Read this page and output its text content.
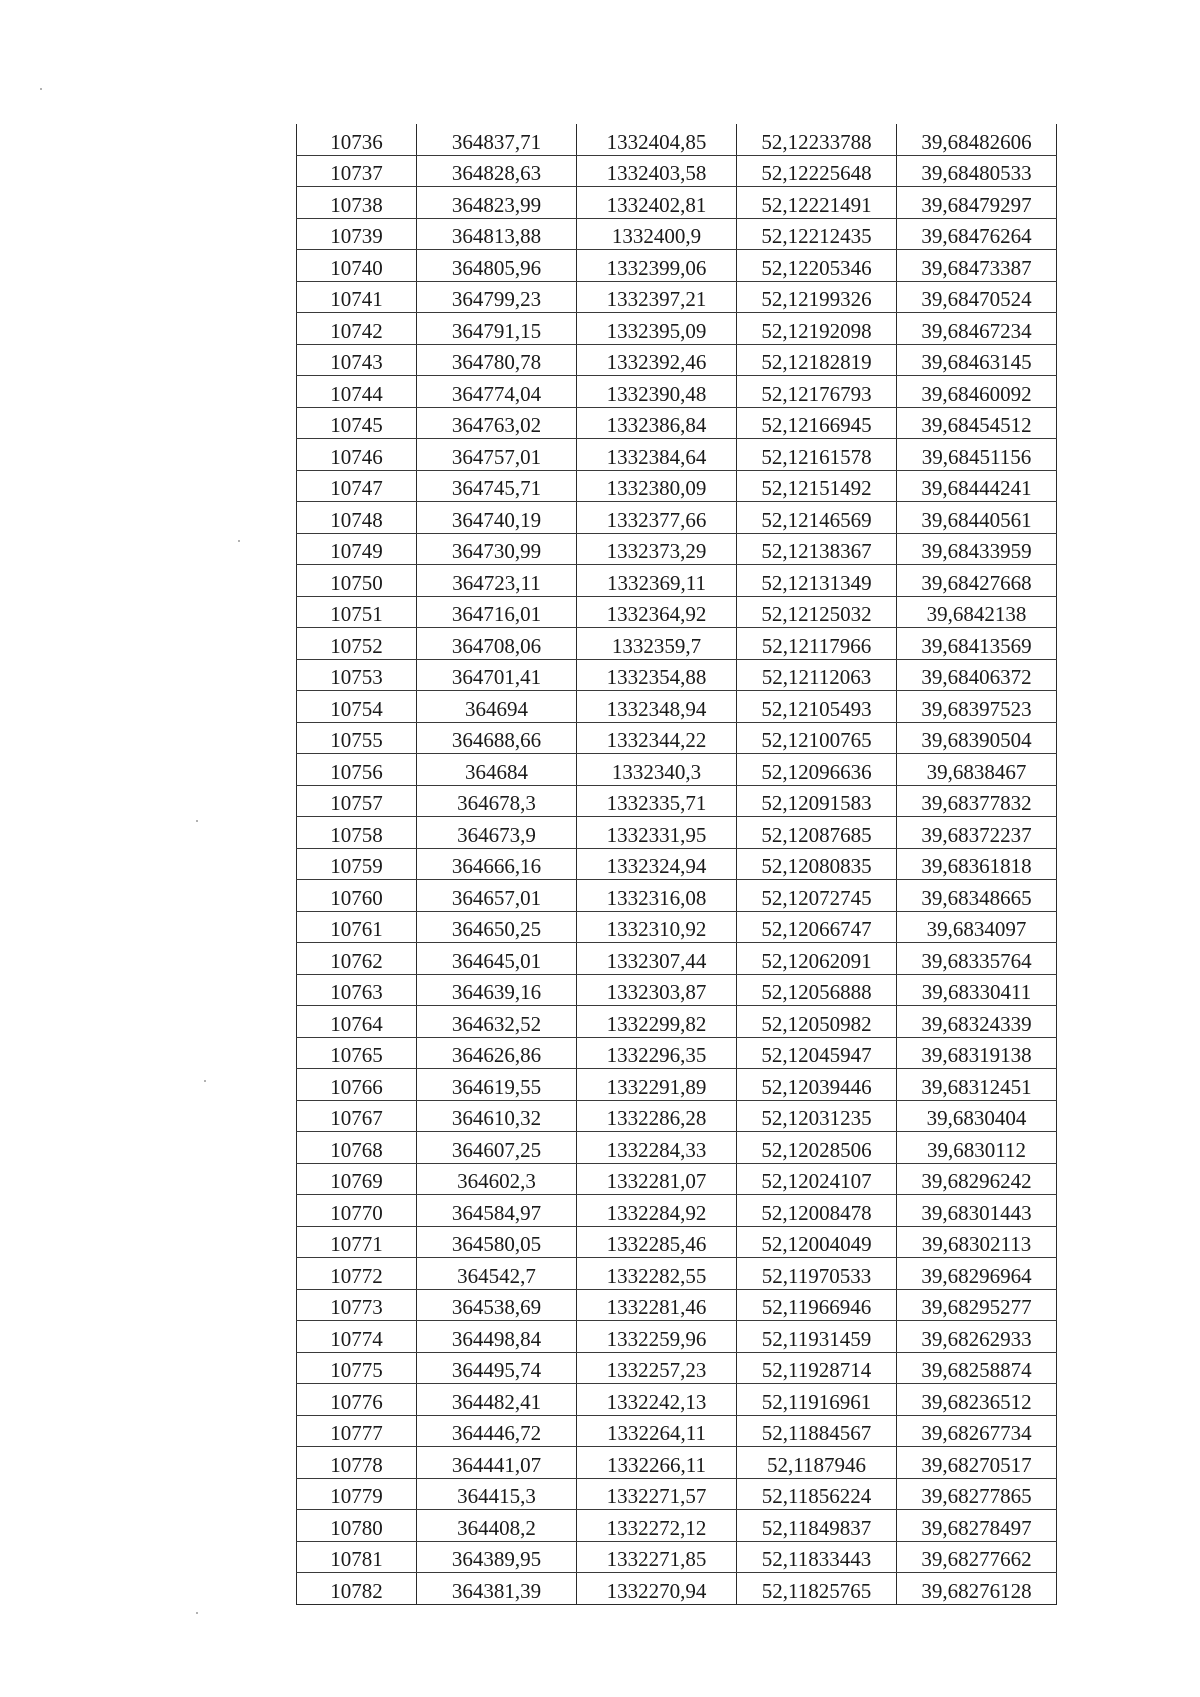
10736	364837,71	1332404,85	52,12233788	39,68482606
10737	364828,63	1332403,58	52,12225648	39,68480533
10738	364823,99	1332402,81	52,12221491	39,68479297
10739	364813,88	1332400,9	52,12212435	39,68476264
10740	364805,96	1332399,06	52,12205346	39,68473387
10741	364799,23	1332397,21	52,12199326	39,68470524
10742	364791,15	1332395,09	52,12192098	39,68467234
10743	364780,78	1332392,46	52,12182819	39,68463145
10744	364774,04	1332390,48	52,12176793	39,68460092
10745	364763,02	1332386,84	52,12166945	39,68454512
10746	364757,01	1332384,64	52,12161578	39,68451156
10747	364745,71	1332380,09	52,12151492	39,68444241
10748	364740,19	1332377,66	52,12146569	39,68440561
10749	364730,99	1332373,29	52,12138367	39,68433959
10750	364723,11	1332369,11	52,12131349	39,68427668
10751	364716,01	1332364,92	52,12125032	39,6842138
10752	364708,06	1332359,7	52,12117966	39,68413569
10753	364701,41	1332354,88	52,12112063	39,68406372
10754	364694	1332348,94	52,12105493	39,68397523
10755	364688,66	1332344,22	52,12100765	39,68390504
10756	364684	1332340,3	52,12096636	39,6838467
10757	364678,3	1332335,71	52,12091583	39,68377832
10758	364673,9	1332331,95	52,12087685	39,68372237
10759	364666,16	1332324,94	52,12080835	39,68361818
10760	364657,01	1332316,08	52,12072745	39,68348665
10761	364650,25	1332310,92	52,12066747	39,6834097
10762	364645,01	1332307,44	52,12062091	39,68335764
10763	364639,16	1332303,87	52,12056888	39,68330411
10764	364632,52	1332299,82	52,12050982	39,68324339
10765	364626,86	1332296,35	52,12045947	39,68319138
10766	364619,55	1332291,89	52,12039446	39,68312451
10767	364610,32	1332286,28	52,12031235	39,6830404
10768	364607,25	1332284,33	52,12028506	39,6830112
10769	364602,3	1332281,07	52,12024107	39,68296242
10770	364584,97	1332284,92	52,12008478	39,68301443
10771	364580,05	1332285,46	52,12004049	39,68302113
10772	364542,7	1332282,55	52,11970533	39,68296964
10773	364538,69	1332281,46	52,11966946	39,68295277
10774	364498,84	1332259,96	52,11931459	39,68262933
10775	364495,74	1332257,23	52,11928714	39,68258874
10776	364482,41	1332242,13	52,11916961	39,68236512
10777	364446,72	1332264,11	52,11884567	39,68267734
10778	364441,07	1332266,11	52,1187946	39,68270517
10779	364415,3	1332271,57	52,11856224	39,68277865
10780	364408,2	1332272,12	52,11849837	39,68278497
10781	364389,95	1332271,85	52,11833443	39,68277662
10782	364381,39	1332270,94	52,11825765	39,68276128
